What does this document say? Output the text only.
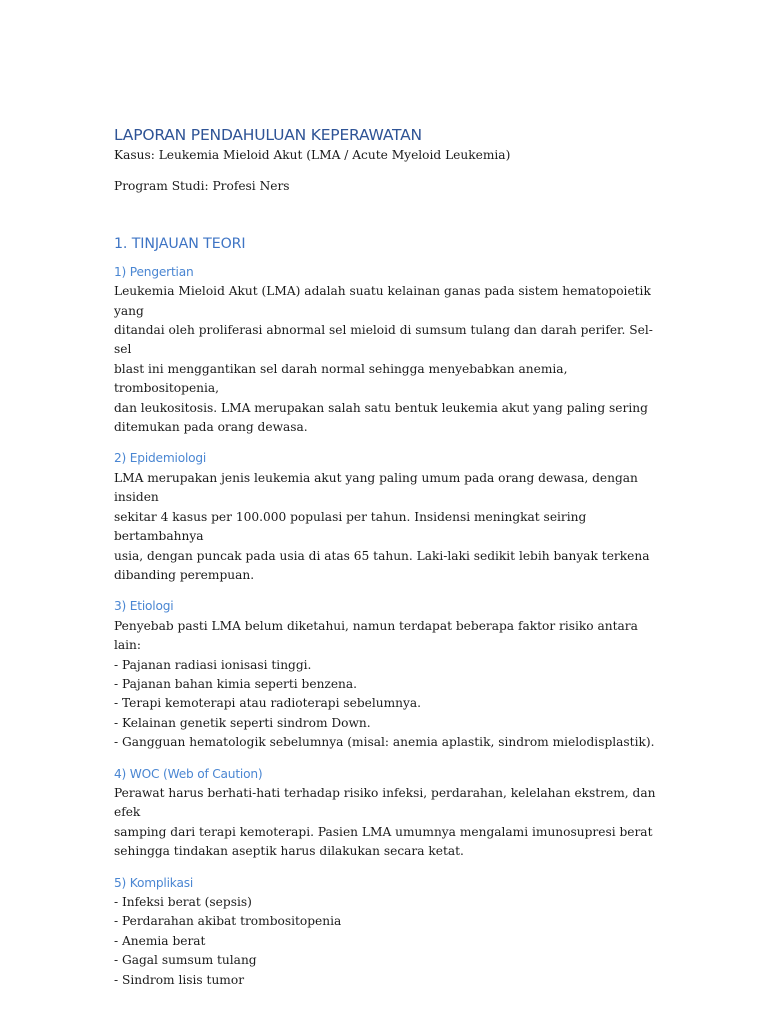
LAPORAN PENDAHULUAN KEPERAWATAN

Kasus: Leukemia Mieloid Akut (LMA / Acute Myeloid Leukemia)

Program Studi: Profesi Ners

1. TINJAUAN TEORI
1) Pengertian

Leukemia Mieloid Akut (LMA) adalah suatu kelainan ganas pada sistem hematopoietik yang
ditandai oleh proliferasi abnormal sel mieloid di sumsum tulang dan darah perifer. Sel-sel
blast ini menggantikan sel darah normal sehingga menyebabkan anemia, trombositopenia,
dan leukositosis. LMA merupakan salah satu bentuk leukemia akut yang paling sering
ditemukan pada orang dewasa.

2) Epidemiologi

LMA merupakan jenis leukemia akut yang paling umum pada orang dewasa, dengan insiden
sekitar 4 kasus per 100.000 populasi per tahun. Insidensi meningkat seiring bertambahnya
usia, dengan puncak pada usia di atas 65 tahun. Laki-laki sedikit lebih banyak terkena
dibanding perempuan.

3) Etiologi

Penyebab pasti LMA belum diketahui, namun terdapat beberapa faktor risiko antara lain:

- Pajanan radiasi ionisasi tinggi.
- Pajanan bahan kimia seperti benzena.
- Terapi kemoterapi atau radioterapi sebelumnya.
- Kelainan genetik seperti sindrom Down.
- Gangguan hematologik sebelumnya (misal: anemia aplastik, sindrom mielodisplastik).
4) WOC (Web of Caution)

Perawat harus berhati-hati terhadap risiko infeksi, perdarahan, kelelahan ekstrem, dan efek
samping dari terapi kemoterapi. Pasien LMA umumnya mengalami imunosupresi berat
sehingga tindakan aseptik harus dilakukan secara ketat.

5) Komplikasi
- Infeksi berat (sepsis)
- Perdarahan akibat trombositopenia
- Anemia berat
- Gagal sumsum tulang
- Sindrom lisis tumor
